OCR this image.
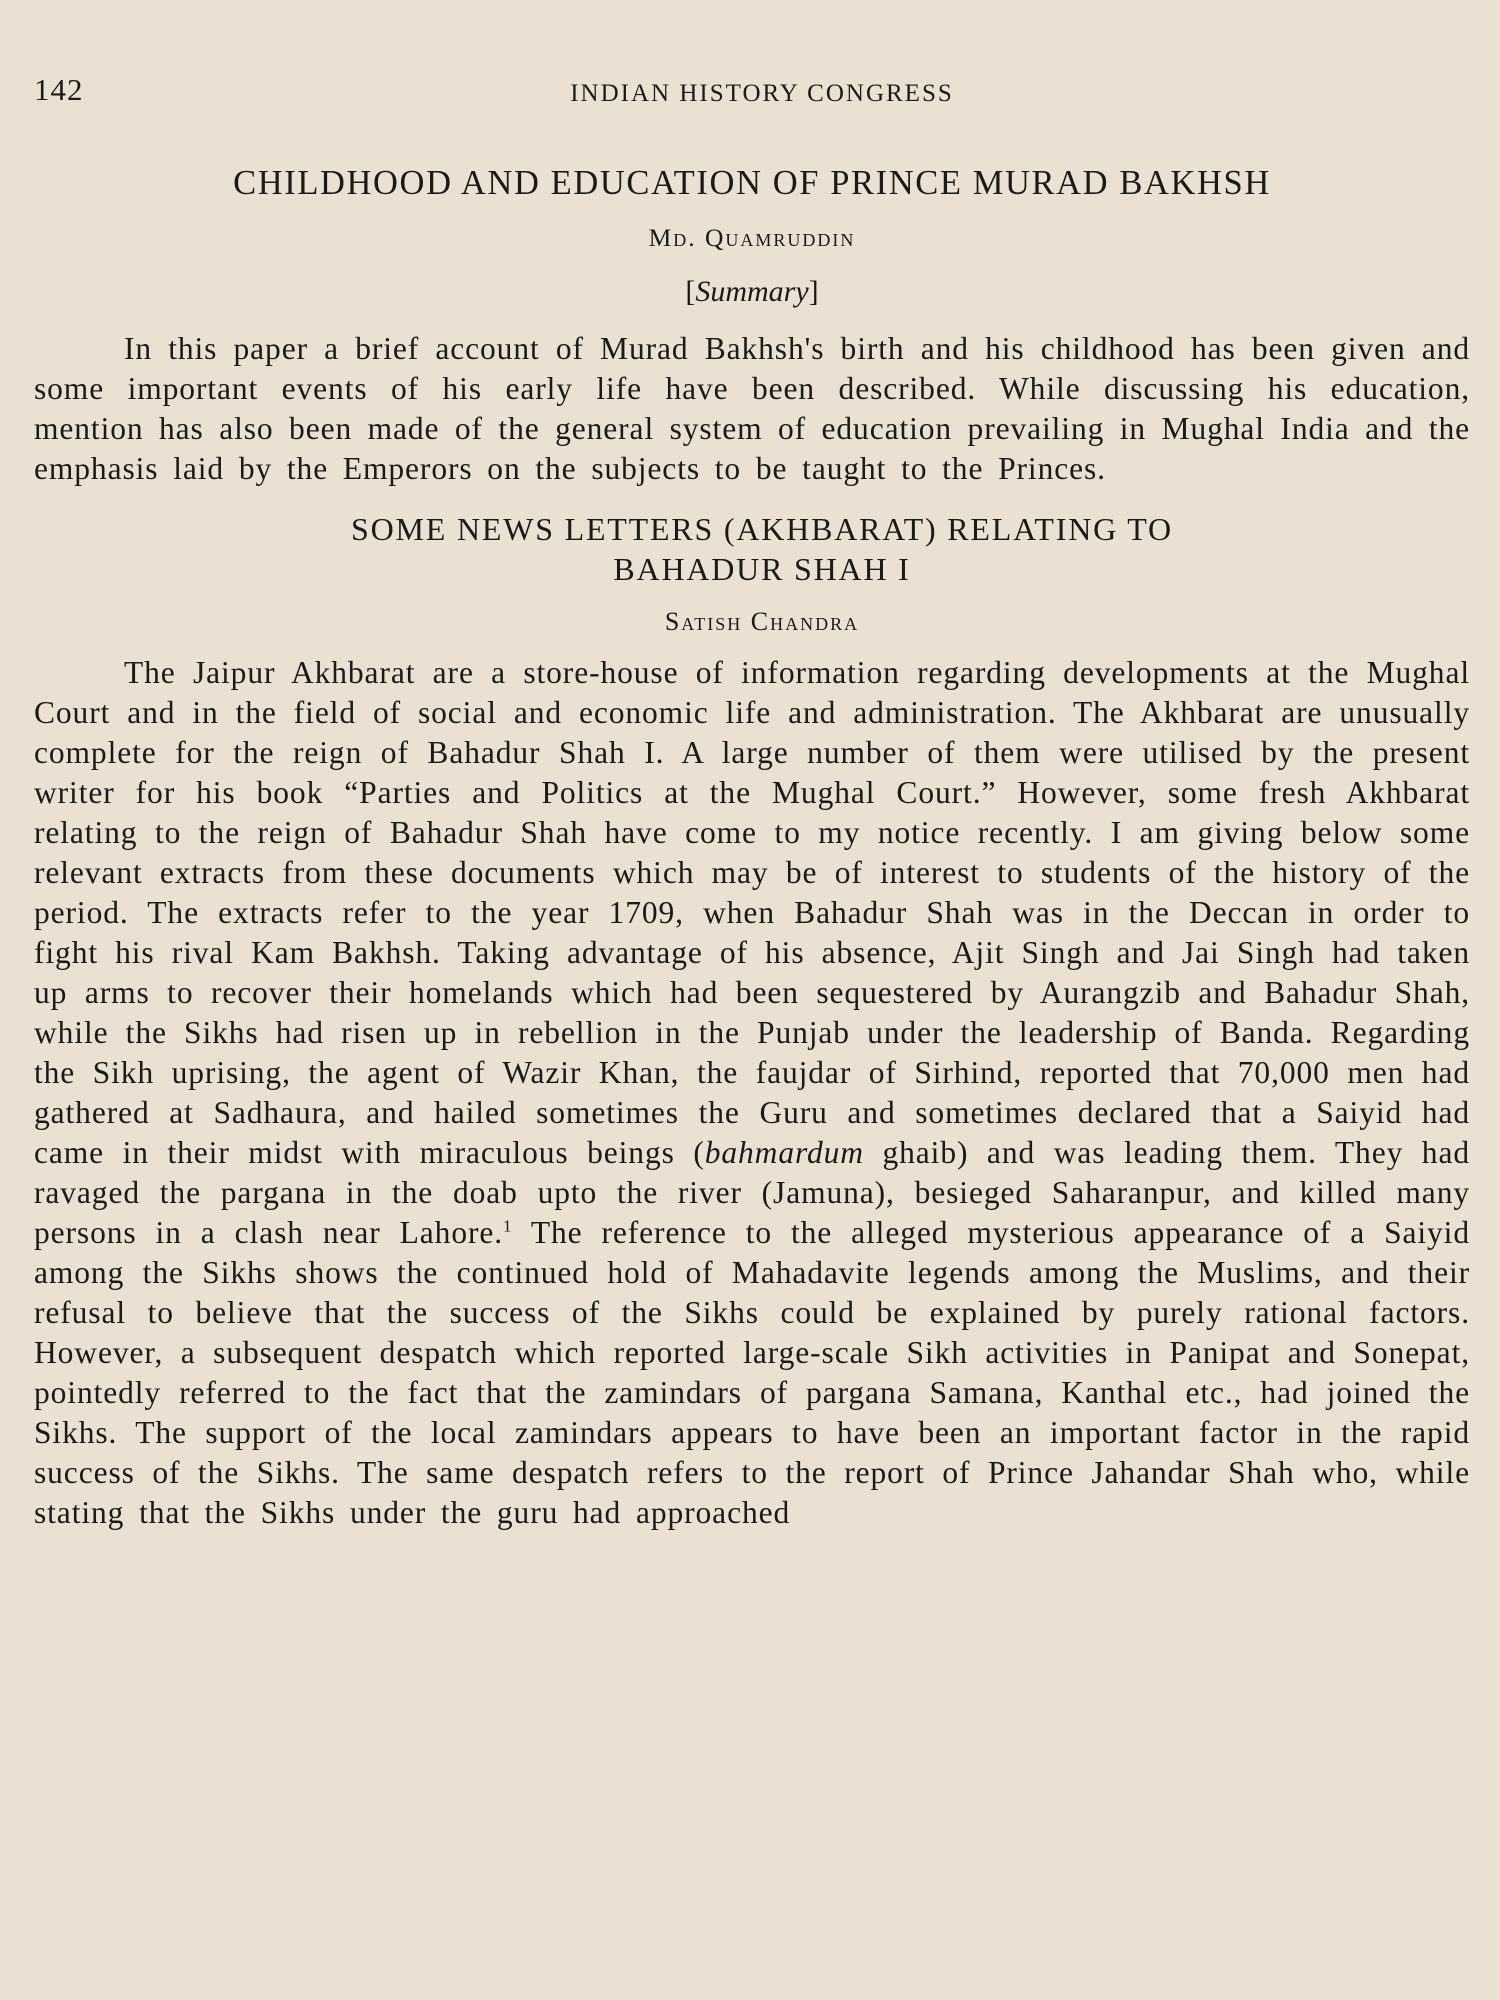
142	INDIAN HISTORY CONGRESS
CHILDHOOD AND EDUCATION OF PRINCE MURAD BAKHSH
Md. Quamruddin
[Summary]

In this paper a brief account of Murad Bakhsh's birth and his childhood has been given and some important events of his early life have been described. While discussing his education, mention has also been made of the general system of education prevailing in Mughal India and the emphasis laid by the Emperors on the subjects to be taught to the Princes.

SOME NEWS LETTERS (AKHBARAT) RELATING TO
BAHADUR SHAH I
Satish Chandra

The Jaipur Akhbarat are a store-house of information regarding developments at the Mughal Court and in the field of social and economic life and administration. The Akhbarat are unusually complete for the reign of Bahadur Shah I. A large number of them were utilised by the present writer for his book “Parties and Politics at the Mughal Court.” However, some fresh Akhbarat relating to the reign of Bahadur Shah have come to my notice recently. I am giving below some relevant extracts from these documents which may be of interest to students of the history of the period. The extracts refer to the year 1709, when Bahadur Shah was in the Deccan in order to fight his rival Kam Bakhsh. Taking advantage of his absence, Ajit Singh and Jai Singh had taken up arms to recover their homelands which had been sequestered by Aurangzib and Bahadur Shah, while the Sikhs had risen up in rebellion in the Punjab under the leadership of Banda. Regarding the Sikh uprising, the agent of Wazir Khan, the faujdar of Sirhind, reported that 70,000 men had gathered at Sadhaura, and hailed sometimes the Guru and sometimes declared that a Saiyid had came in their midst with miraculous beings (bahmardum ghaib) and was leading them. They had ravaged the pargana in the doab upto the river (Jamuna), besieged Saharanpur, and killed many persons in a clash near Lahore.$^1$ The reference to the alleged mysterious appearance of a Saiyid among the Sikhs shows the continued hold of Mahadavite legends among the Muslims, and their refusal to believe that the success of the Sikhs could be explained by purely rational factors. However, a subsequent despatch which reported large-scale Sikh activities in Panipat and Sonepat, pointedly referred to the fact that the zamindars of pargana Samana, Kanthal etc., had joined the Sikhs. The support of the local zamindars appears to have been an important factor in the rapid success of the Sikhs. The same despatch refers to the report of Prince Jahandar Shah who, while stating that the Sikhs under the guru had approached
